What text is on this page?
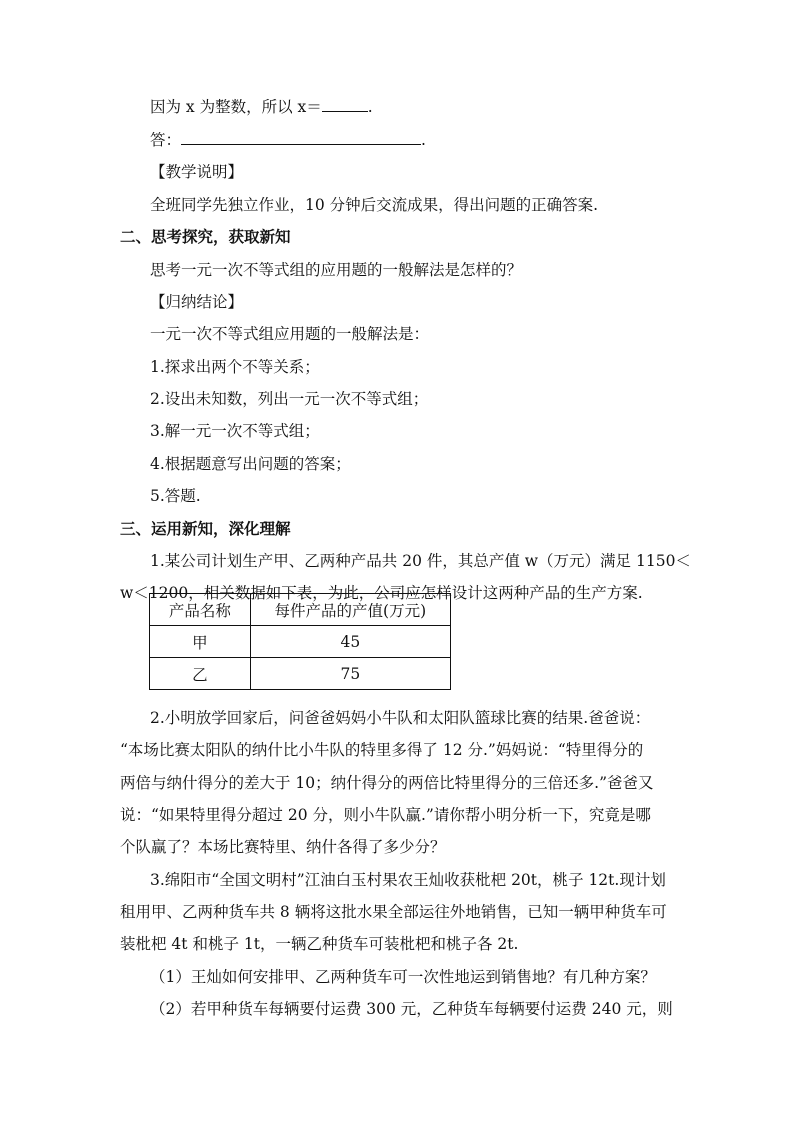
因为 x 为整数，所以 x＝	.
答：	.
【教学说明】
全班同学先独立作业，10 分钟后交流成果，得出问题的正确答案.
二、思考探究，获取新知
思考一元一次不等式组的应用题的一般解法是怎样的？
【归纳结论】
一元一次不等式组应用题的一般解法是：
1.探求出两个不等关系；
2.设出未知数，列出一元一次不等式组；
3.解一元一次不等式组；
4.根据题意写出问题的答案；
5.答题.
三、运用新知，深化理解
1.某公司计划生产甲、乙两种产品共 20 件，其总产值 w（万元）满足 1150＜
w＜1200，相关数据如下表，为此，公司应怎样设计这两种产品的生产方案.
产品名称	每件产品的产值(万元)
甲	45
乙	75
2.小明放学回家后，问爸爸妈妈小牛队和太阳队篮球比赛的结果.爸爸说：
“本场比赛太阳队的纳什比小牛队的特里多得了 12 分.”妈妈说：“特里得分的
两倍与纳什得分的差大于 10；纳什得分的两倍比特里得分的三倍还多.”爸爸又
说：“如果特里得分超过 20 分，则小牛队赢.”请你帮小明分析一下，究竟是哪
个队赢了？本场比赛特里、纳什各得了多少分？
3.绵阳市“全国文明村”江油白玉村果农王灿收获枇杷 20t，桃子 12t.现计划
租用甲、乙两种货车共 8 辆将这批水果全部运往外地销售，已知一辆甲种货车可
装枇杷 4t 和桃子 1t，一辆乙种货车可装枇杷和桃子各 2t.
（1）王灿如何安排甲、乙两种货车可一次性地运到销售地？有几种方案？
（2）若甲种货车每辆要付运费 300 元，乙种货车每辆要付运费 240 元，则
